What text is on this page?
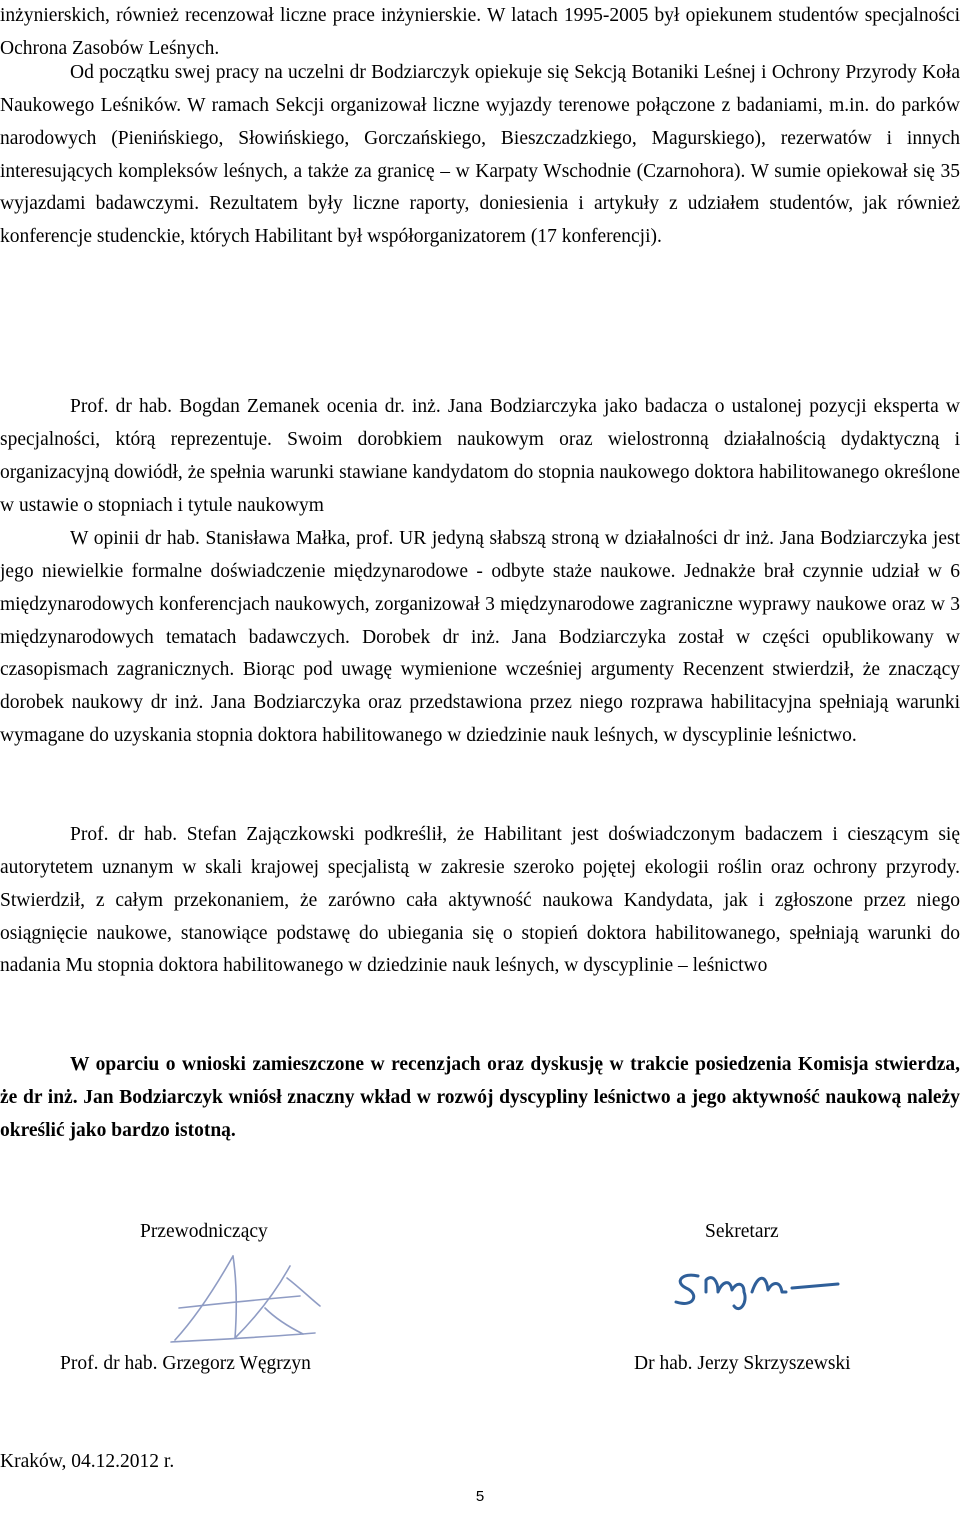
inżynierskich, również recenzował liczne prace inżynierskie. W latach 1995-2005 był opiekunem studentów specjalności Ochrona Zasobów Leśnych.

Od początku swej pracy na uczelni dr Bodziarczyk opiekuje się Sekcją Botaniki Leśnej i Ochrony Przyrody Koła Naukowego Leśników. W ramach Sekcji organizował liczne wyjazdy terenowe połączone z badaniami, m.in. do parków narodowych (Pienińskiego, Słowińskiego, Gorczańskiego, Bieszczadzkiego, Magurskiego), rezerwatów i innych interesujących kompleksów leśnych, a także za granicę – w Karpaty Wschodnie (Czarnohora). W sumie opiekował się 35 wyjazdami badawczymi. Rezultatem były liczne raporty, doniesienia i artykuły z udziałem studentów, jak również konferencje studenckie, których Habilitant był współorganizatorem (17 konferencji).

Prof. dr hab. Bogdan Zemanek ocenia dr. inż. Jana Bodziarczyka jako badacza o ustalonej pozycji eksperta w specjalności, którą reprezentuje. Swoim dorobkiem naukowym oraz wielostronną działalnością dydaktyczną i organizacyjną dowiódł, że spełnia warunki stawiane kandydatom do stopnia naukowego doktora habilitowanego określone w ustawie o stopniach i tytule naukowym

W opinii dr hab. Stanisława Małka, prof. UR jedyną słabszą stroną w działalności dr inż. Jana Bodziarczyka jest jego niewielkie formalne doświadczenie międzynarodowe - odbyte staże naukowe. Jednakże brał czynnie udział w 6 międzynarodowych konferencjach naukowych, zorganizował 3 międzynarodowe zagraniczne wyprawy naukowe oraz w 3 międzynarodowych tematach badawczych. Dorobek dr inż. Jana Bodziarczyka został w części opublikowany w czasopismach zagranicznych. Biorąc pod uwagę wymienione wcześniej argumenty Recenzent stwierdził, że znaczący dorobek naukowy dr inż. Jana Bodziarczyka oraz przedstawiona przez niego rozprawa habilitacyjna spełniają warunki wymagane do uzyskania stopnia doktora habilitowanego w dziedzinie nauk leśnych, w dyscyplinie leśnictwo.

Prof. dr hab. Stefan Zajączkowski podkreślił, że Habilitant jest doświadczonym badaczem i cieszącym się autorytetem uznanym w skali krajowej specjalistą w zakresie szeroko pojętej ekologii roślin oraz ochrony przyrody. Stwierdził, z całym przekonaniem, że zarówno cała aktywność naukowa Kandydata, jak i zgłoszone przez niego osiągnięcie naukowe, stanowiące podstawę do ubiegania się o stopień doktora habilitowanego, spełniają warunki do nadania Mu stopnia doktora habilitowanego w dziedzinie nauk leśnych, w dyscyplinie – leśnictwo

W oparciu o wnioski zamieszczone w recenzjach oraz dyskusję w trakcie posiedzenia Komisja stwierdza, że dr inż. Jan Bodziarczyk wniósł znaczny wkład w rozwój dyscypliny leśnictwo a jego aktywność naukową należy określić jako bardzo istotną.

Przewodniczący	Sekretarz
Prof. dr hab. Grzegorz Węgrzyn	Dr hab. Jerzy Skrzyszewski
Kraków, 04.12.2012 r.
5
